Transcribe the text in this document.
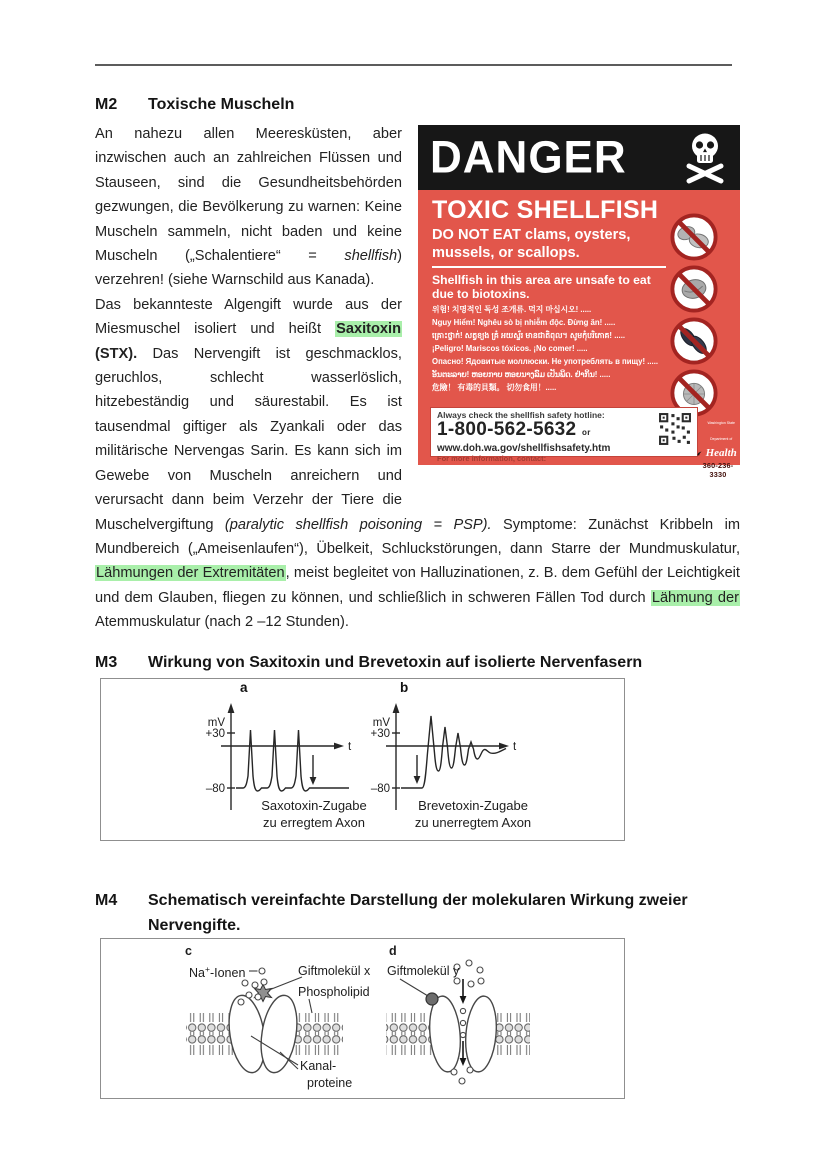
M2	Toxische Muscheln
DANGER
TOXIC SHELLFISH
DO NOT EAT clams, oysters, mussels, or scallops.
Shellfish in this area are unsafe to eat due to biotoxins.
위험! 치명적인 독성 조개류. 먹지 마십시오! .....
Nguy Hiểm! Nghêu sò bị nhiễm độc. Đừng ăn! .....
គ្រោះថ្នាក់! សត្វខ្យង គ្រំ អយស្ទ័រ មានជាតិពុល។ សូមកុំបរិភោគ! .....
¡Peligro! Mariscos tóxicos. ¡No comer! .....
Опасно! Ядовитые моллюски. Не употреблять в пищу! .....
ອັນຕະລາຍ! ຫອຍກາບ ຫອຍນາງລົມ ເປັນພິດ. ຢ່າກິນ! .....
危險！ 有毒的貝類。 切勿食用！.....
Always check the shellfish safety hotline:
1-800-562-5632 or
www.doh.wa.gov/shellfishsafety.htm
For more information, contact:
Washington State Department of Health
360-236-3330

An nahezu allen Meeresküsten, aber inzwischen auch an zahlreichen Flüssen und Stauseen, sind die Gesundheitsbehörden gezwungen, die Bevölkerung zu warnen: Keine Muscheln sammeln, nicht baden und keine Muscheln („Schalentiere“ = shellfish) verzehren! (siehe Warnschild aus Kanada).

Das bekannteste Algengift wurde aus der Miesmuschel isoliert und heißt Saxitoxin (STX). Das Nervengift ist geschmacklos, geruchlos, schlecht wasserlöslich, hitzebeständig und säurestabil. Es ist tausendmal giftiger als Zyankali oder das militärische Nervengas Sarin. Es kann sich im Gewebe von Muscheln anreichern und verursacht dann beim Verzehr der Tiere die Muschelvergiftung (paralytic shellfish poisoning = PSP). Symptome: Zunächst Kribbeln im Mundbereich („Ameisenlaufen“), Übelkeit, Schluckstörungen, dann Starre der Mundmuskulatur, Lähmungen der Extremitäten, meist begleitet von Halluzinationen, z. B. dem Gefühl der Leichtigkeit und dem Glauben, fliegen zu können, und schließlich in schweren Fällen Tod durch Lähmung der Atemmuskulatur (nach 2 –12 Stunden).

M3	Wirkung von Saxitoxin und Brevetoxin auf isolierte Nervenfasern
mV
+30
–80
t
mV
+30
–80
t
a	b
Saxotoxin-Zugabe
zu erregtem Axon
Brevetoxin-Zugabe
zu unerregtem Axon
M4	Schematisch vereinfachte Darstellung der molekularen Wirkung zweier Nervengifte.
c
Na+-Ionen	Giftmolekül x
Phospholipid
Kanal-
proteine
d
Giftmolekül y
